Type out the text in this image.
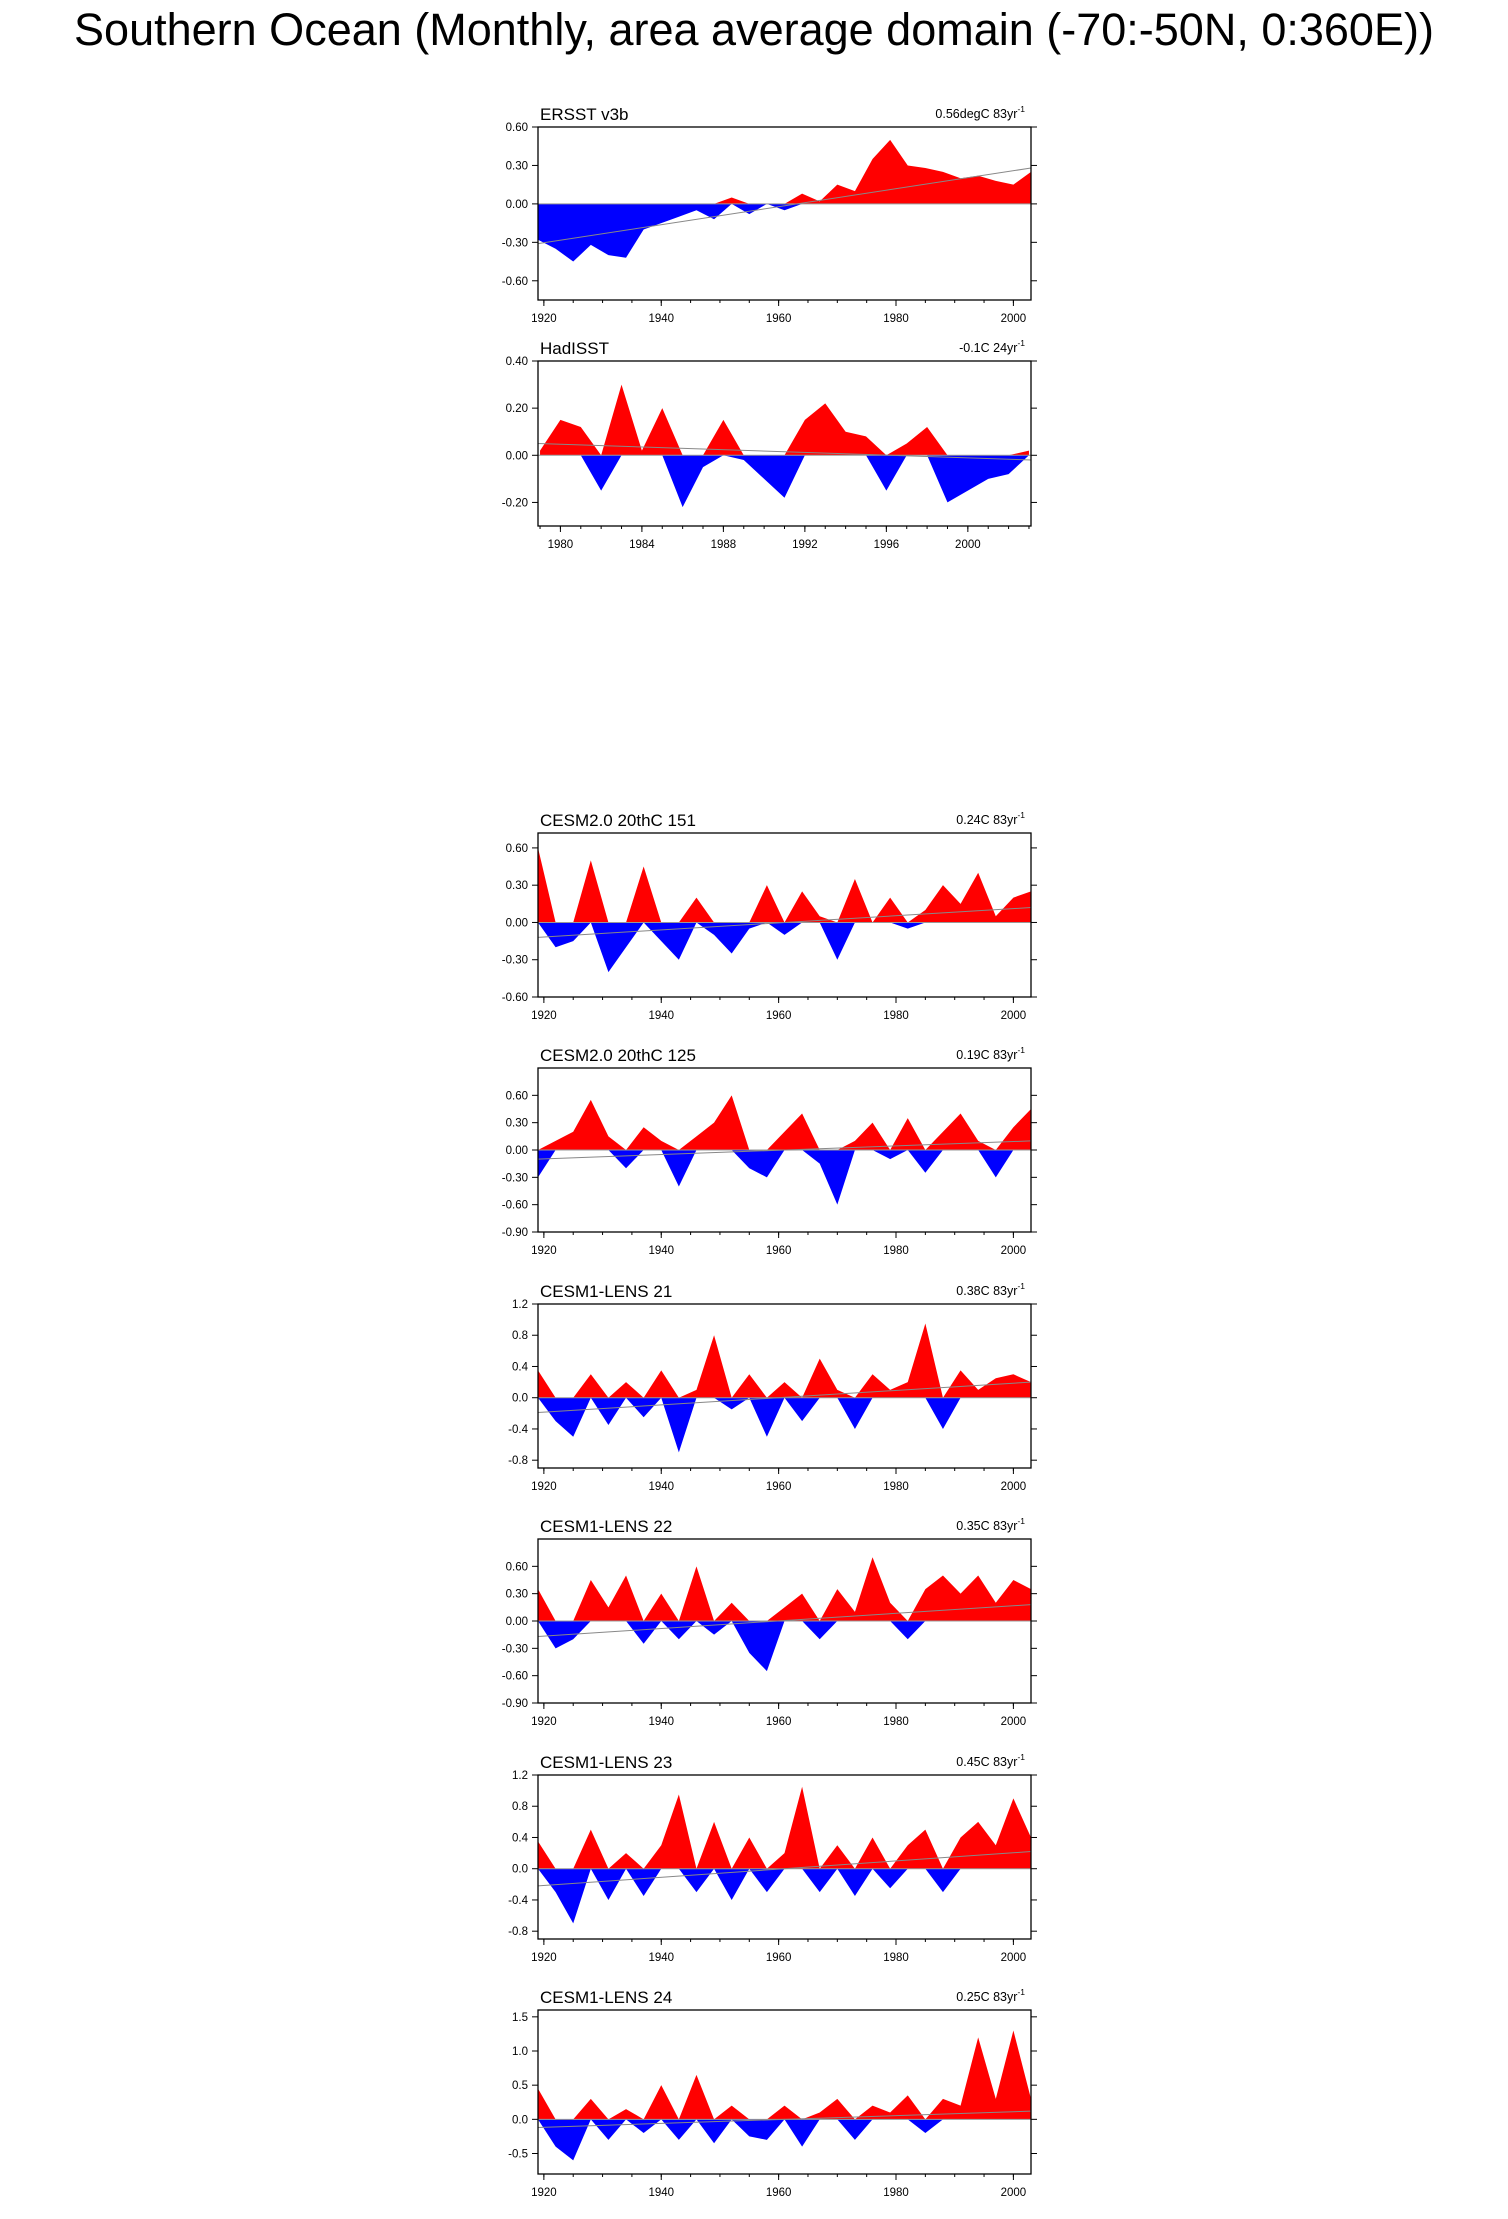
Southern Ocean (Monthly, area average domain (-70:-50N, 0:360E))
ERSST v3b	0.56degC $83yr^{-1}$
0.60
0.30
0.00
-0.30
-0.60
1920	1940	1960	1980	2000
HadISST	-0.1C $24yr^{-1}$
0.40
0.20
0.00
-0.20
1980	1984	1988	1992	1996	2000
CESM2.0 20thC 151	0.24C $83yr^{-1}$
0.60
0.30
0.00
-0.30
-0.60
1920	1940	1960	1980	2000
CESM2.0 20thC 125	0.19C $83yr^{-1}$
0.60
0.30
0.00
-0.30
-0.60
-0.90
1920	1940	1960	1980	2000
CESM1-LENS 21	0.38C $83yr^{-1}$
1.2
0.8
0.4
0.0
-0.4
-0.8
1920	1940	1960	1980	2000
CESM1-LENS 22	0.35C $83yr^{-1}$
0.60
0.30
0.00
-0.30
-0.60
-0.90
1920	1940	1960	1980	2000
CESM1-LENS 23	0.45C $83yr^{-1}$
1.2
0.8
0.4
0.0
-0.4
-0.8
1920	1940	1960	1980	2000
CESM1-LENS 24	0.25C $83yr^{-1}$
1.5
1.0
0.5
0.0
-0.5
1920	1940	1960	1980	2000
